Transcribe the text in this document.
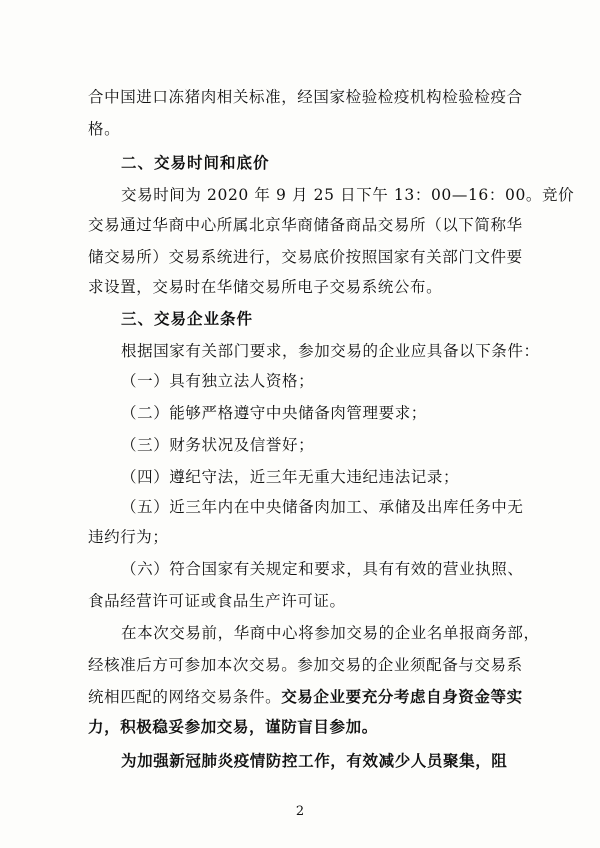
合中国进口冻猪肉相关标准，经国家检验检疫机构检验检疫合
格。
二、交易时间和底价
交易时间为 2020 年 9 月 25 日下午 13：00—16：00。竞价
交易通过华商中心所属北京华商储备商品交易所（以下简称华
储交易所）交易系统进行，交易底价按照国家有关部门文件要
求设置，交易时在华储交易所电子交易系统公布。
三、交易企业条件
根据国家有关部门要求，参加交易的企业应具备以下条件：
（一）具有独立法人资格；
（二）能够严格遵守中央储备肉管理要求；
（三）财务状况及信誉好；
（四）遵纪守法，近三年无重大违纪违法记录；
（五）近三年内在中央储备肉加工、承储及出库任务中无
违约行为；
（六）符合国家有关规定和要求，具有有效的营业执照、
食品经营许可证或食品生产许可证。
在本次交易前，华商中心将参加交易的企业名单报商务部，
经核准后方可参加本次交易。参加交易的企业须配备与交易系
统相匹配的网络交易条件。交易企业要充分考虑自身资金等实
力，积极稳妥参加交易，谨防盲目参加。
为加强新冠肺炎疫情防控工作，有效减少人员聚集，阻
2
